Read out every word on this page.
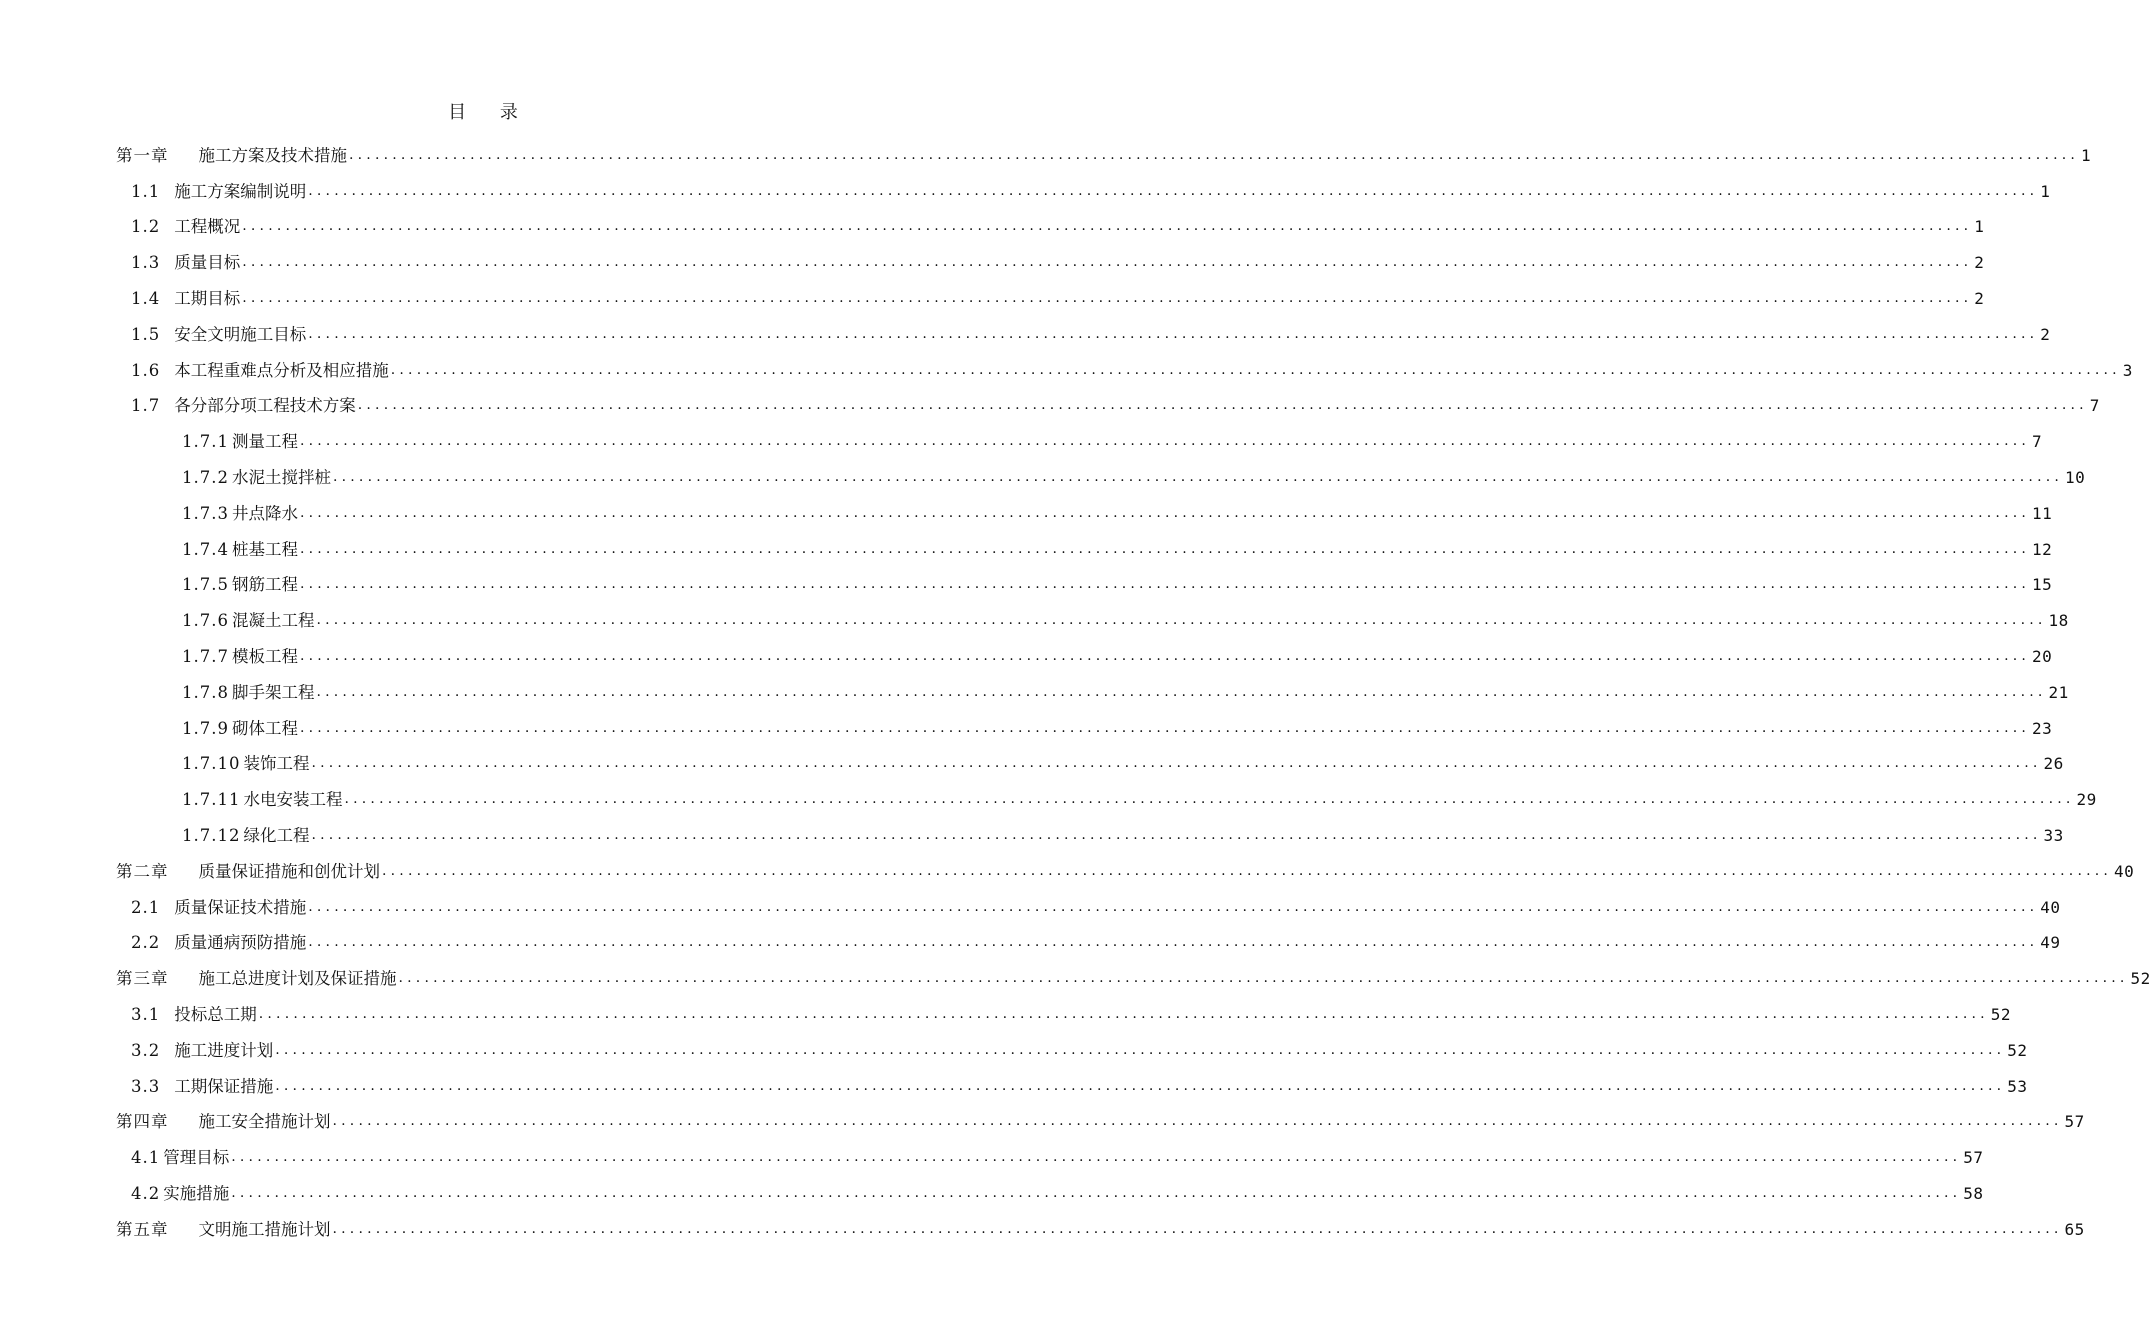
目 录
第一章 施工方案及技术措施 ........................................................................................................................................................................................................ 1
1.1 施工方案编制说明 ........................................................................................................................................................................................................ 1
1.2 工程概况 ........................................................................................................................................................................................................ 1
1.3 质量目标 ........................................................................................................................................................................................................ 2
1.4 工期目标 ........................................................................................................................................................................................................ 2
1.5 安全文明施工目标 ........................................................................................................................................................................................................ 2
1.6 本工程重难点分析及相应措施 ........................................................................................................................................................................................................ 3
1.7 各分部分项工程技术方案 ........................................................................................................................................................................................................ 7
1.7.1 测量工程 ........................................................................................................................................................................................................ 7
1.7.2 水泥土搅拌桩 ........................................................................................................................................................................................................ 10
1.7.3 井点降水 ........................................................................................................................................................................................................ 11
1.7.4 桩基工程 ........................................................................................................................................................................................................ 12
1.7.5 钢筋工程 ........................................................................................................................................................................................................ 15
1.7.6 混凝土工程 ........................................................................................................................................................................................................ 18
1.7.7 模板工程 ........................................................................................................................................................................................................ 20
1.7.8 脚手架工程 ........................................................................................................................................................................................................ 21
1.7.9 砌体工程 ........................................................................................................................................................................................................ 23
1.7.10 装饰工程 ........................................................................................................................................................................................................ 26
1.7.11 水电安装工程 ........................................................................................................................................................................................................ 29
1.7.12 绿化工程 ........................................................................................................................................................................................................ 33
第二章 质量保证措施和创优计划 ........................................................................................................................................................................................................ 40
2.1 质量保证技术措施 ........................................................................................................................................................................................................ 40
2.2 质量通病预防措施 ........................................................................................................................................................................................................ 49
第三章 施工总进度计划及保证措施 ........................................................................................................................................................................................................ 52
3.1 投标总工期 ........................................................................................................................................................................................................ 52
3.2 施工进度计划 ........................................................................................................................................................................................................ 52
3.3 工期保证措施 ........................................................................................................................................................................................................ 53
第四章 施工安全措施计划 ........................................................................................................................................................................................................ 57
4.1 管理目标 ........................................................................................................................................................................................................ 57
4.2 实施措施 ........................................................................................................................................................................................................ 58
第五章 文明施工措施计划 ........................................................................................................................................................................................................ 65
